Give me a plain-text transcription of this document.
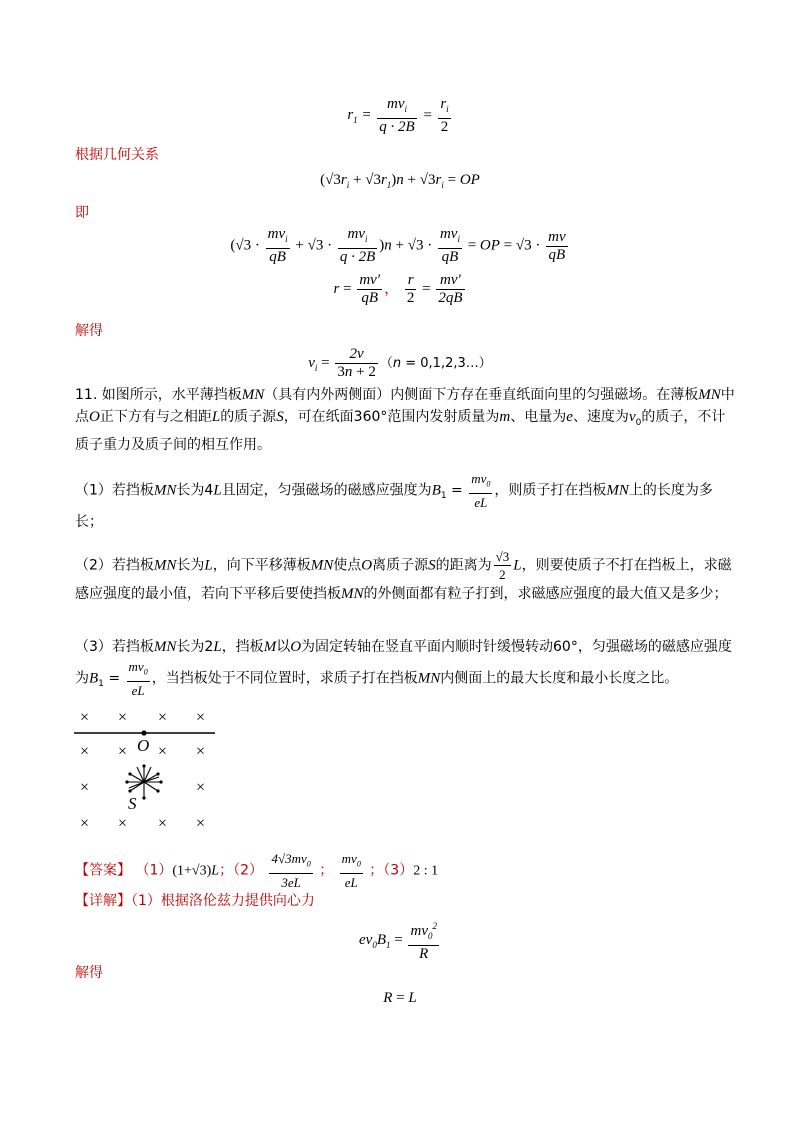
$r_1 = \frac{mv_i}{q \cdot 2B} = \frac{r_i}{2}$
根据几何关系
$(√3r_i + √3r_1)n + √3r_i$ = OP
即
$(√3 \cdot \frac{mv_i}{qB} + √3 \cdot \frac{mv_i}{q \cdot 2B} )n + √3 \cdot \frac{mv_i}{qB}$ = OP = $√3 \cdot \frac{mv}{qB}$
$r = \frac{mv'}{qB}$ ， $\frac{r}{2} = \frac{mv'}{2qB}$
解得
$v_i = \frac{2v}{3n + 2} (n$ = 0,1,2,3…）
11. 如图所示，水平薄挡板MN（具有内外两侧面）内侧面下方存在垂直纸面向里的匀强磁场。在薄板MN中点O正下方有与之相距L的质子源S，可在纸面360°范围内发射质量为m、电量为e、速度为$v_0$的质子，不计质子重力及质子间的相互作用。
（1）若挡板MN长为4L且固定，匀强磁场的磁感应强度为$B_1 = \frac{mv_0}{eL}$ ，则质子打在挡板MN上的长度为多长；
（2）若挡板MN长为L，向下平移薄板MN使点O离质子源S的距离为 $\frac{√3}{2}$ L，则要使质子不打在挡板上，求磁感应强度的最小值，若向下平移后要使挡板MN的外侧面都有粒子打到，求磁感应强度的最大值又是多少；
（3）若挡板MN长为2L，挡板M以O为固定转轴在竖直平面内顺时针缓慢转动60°，匀强磁场的磁感应强度为$B_1 = \frac{mv_0}{eL}$ ，当挡板处于不同位置时，求质子打在挡板MN内侧面上的最大长度和最小长度之比。
× × × ×
× × × ×
×	×
× × × ×
O
S
【答案】 （1）(1+√3)L；$(2) \frac{4√3mv_0}{3eL}$ ； $\frac{mv_0}{eL}$ ；（3）2 : 1
【详解】（1）根据洛伦兹力提供向心力
$ev_0B_1 = \frac{mv_0^2}{R}$
解得
R = L
